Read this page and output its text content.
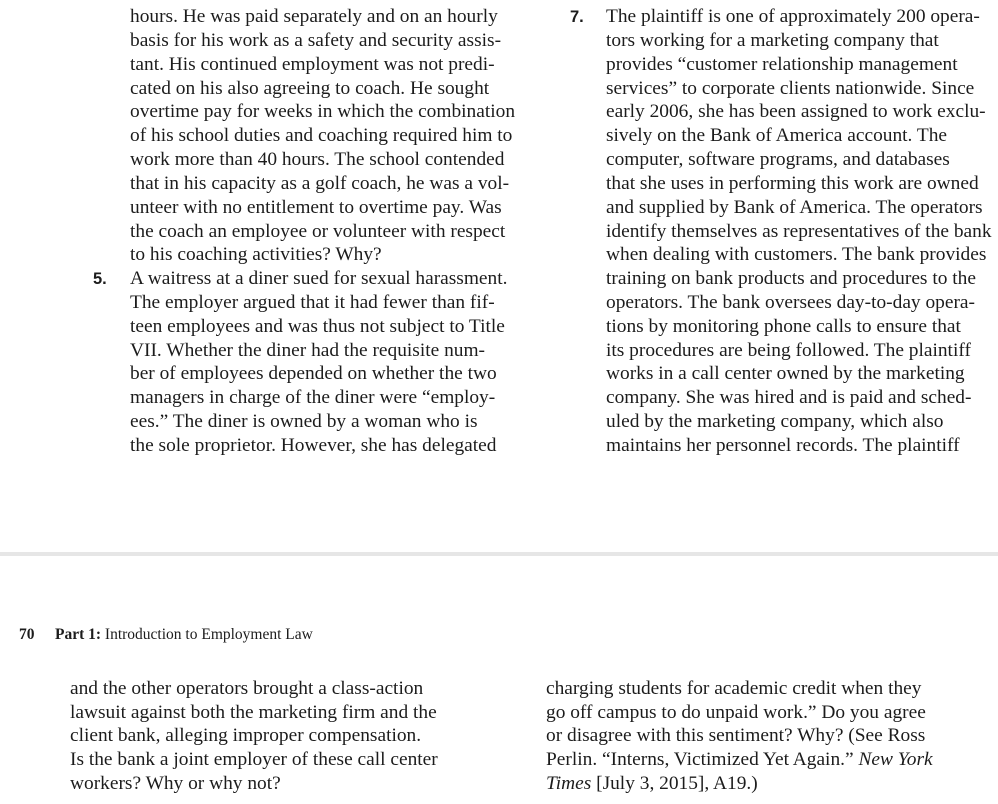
hours. He was paid separately and on an hourly
basis for his work as a safety and security assis-
tant. His continued employment was not predi-
cated on his also agreeing to coach. He sought
overtime pay for weeks in which the combination
of his school duties and coaching required him to
work more than 40 hours. The school contended
that in his capacity as a golf coach, he was a vol-
unteer with no entitlement to overtime pay. Was
the coach an employee or volunteer with respect
to his coaching activities? Why?
5. A waitress at a diner sued for sexual harassment.
The employer argued that it had fewer than fif-
teen employees and was thus not subject to Title
VII. Whether the diner had the requisite num-
ber of employees depended on whether the two
managers in charge of the diner were “employ-
ees.” The diner is owned by a woman who is
the sole proprietor. However, she has delegated
7. The plaintiff is one of approximately 200 opera-
tors working for a marketing company that
provides “customer relationship management
services” to corporate clients nationwide. Since
early 2006, she has been assigned to work exclu-
sively on the Bank of America account. The
computer, software programs, and databases
that she uses in performing this work are owned
and supplied by Bank of America. The operators
identify themselves as representatives of the bank
when dealing with customers. The bank provides
training on bank products and procedures to the
operators. The bank oversees day-to-day opera-
tions by monitoring phone calls to ensure that
its procedures are being followed. The plaintiff
works in a call center owned by the marketing
company. She was hired and is paid and sched-
uled by the marketing company, which also
maintains her personnel records. The plaintiff
70 Part 1: Introduction to Employment Law
and the other operators brought a class-action
lawsuit against both the marketing firm and the
client bank, alleging improper compensation.
Is the bank a joint employer of these call center
workers? Why or why not?
charging students for academic credit when they
go off campus to do unpaid work.” Do you agree
or disagree with this sentiment? Why? (See Ross
Perlin. “Interns, Victimized Yet Again.” New York
Times [July 3, 2015], A19.)
